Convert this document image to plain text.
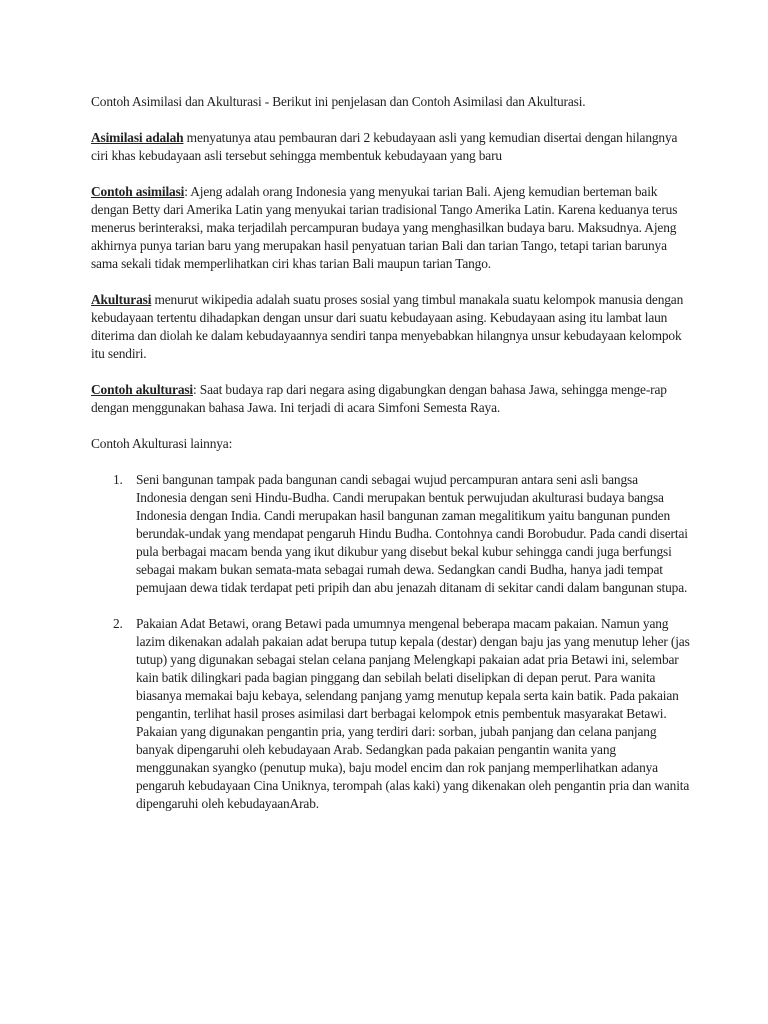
Contoh Asimilasi dan Akulturasi - Berikut ini penjelasan dan Contoh Asimilasi dan Akulturasi.

Asimilasi adalah menyatunya atau pembauran dari 2 kebudayaan asli yang kemudian disertai dengan hilangnya ciri khas kebudayaan asli tersebut sehingga membentuk kebudayaan yang baru

Contoh asimilasi: Ajeng adalah orang Indonesia yang menyukai tarian Bali. Ajeng kemudian berteman baik dengan Betty dari Amerika Latin yang menyukai tarian tradisional Tango Amerika Latin. Karena keduanya terus menerus berinteraksi, maka terjadilah percampuran budaya yang menghasilkan budaya baru. Maksudnya. Ajeng akhirnya punya tarian baru yang merupakan hasil penyatuan tarian Bali dan tarian Tango, tetapi tarian barunya sama sekali tidak memperlihatkan ciri khas tarian Bali maupun tarian Tango.

Akulturasi menurut wikipedia adalah suatu proses sosial yang timbul manakala suatu kelompok manusia dengan kebudayaan tertentu dihadapkan dengan unsur dari suatu kebudayaan asing. Kebudayaan asing itu lambat laun diterima dan diolah ke dalam kebudayaannya sendiri tanpa menyebabkan hilangnya unsur kebudayaan kelompok itu sendiri.

Contoh akulturasi: Saat budaya rap dari negara asing digabungkan dengan bahasa Jawa, sehingga menge-rap dengan menggunakan bahasa Jawa. Ini terjadi di acara Simfoni Semesta Raya.

Contoh Akulturasi lainnya:

1. Seni bangunan tampak pada bangunan candi sebagai wujud percampuran antara seni asli bangsa Indonesia dengan seni Hindu-Budha. Candi merupakan bentuk perwujudan akulturasi budaya bangsa Indonesia dengan India. Candi merupakan hasil bangunan zaman megalitikum yaitu bangunan punden berundak-undak yang mendapat pengaruh Hindu Budha. Contohnya candi Borobudur. Pada candi disertai pula berbagai macam benda yang ikut dikubur yang disebut bekal kubur sehingga candi juga berfungsi sebagai makam bukan semata-mata sebagai rumah dewa. Sedangkan candi Budha, hanya jadi tempat pemujaan dewa tidak terdapat peti pripih dan abu jenazah ditanam di sekitar candi dalam bangunan stupa.
2. Pakaian Adat Betawi, orang Betawi pada umumnya mengenal beberapa macam pakaian. Namun yang lazim dikenakan adalah pakaian adat berupa tutup kepala (destar) dengan baju jas yang menutup leher (jas tutup) yang digunakan sebagai stelan celana panjang Melengkapi pakaian adat pria Betawi ini, selembar kain batik dilingkari pada bagian pinggang dan sebilah belati diselipkan di depan perut. Para wanita biasanya memakai baju kebaya, selendang panjang yamg menutup kepala serta kain batik. Pada pakaian pengantin, terlihat hasil proses asimilasi dart berbagai kelompok etnis pembentuk masyarakat Betawi. Pakaian yang digunakan pengantin pria, yang terdiri dari: sorban, jubah panjang dan celana panjang banyak dipengaruhi oleh kebudayaan Arab. Sedangkan pada pakaian pengantin wanita yang menggunakan syangko (penutup muka), baju model encim dan rok panjang memperlihatkan adanya pengaruh kebudayaan Cina Uniknya, terompah (alas kaki) yang dikenakan oleh pengantin pria dan wanita dipengaruhi oleh kebudayaanArab.
